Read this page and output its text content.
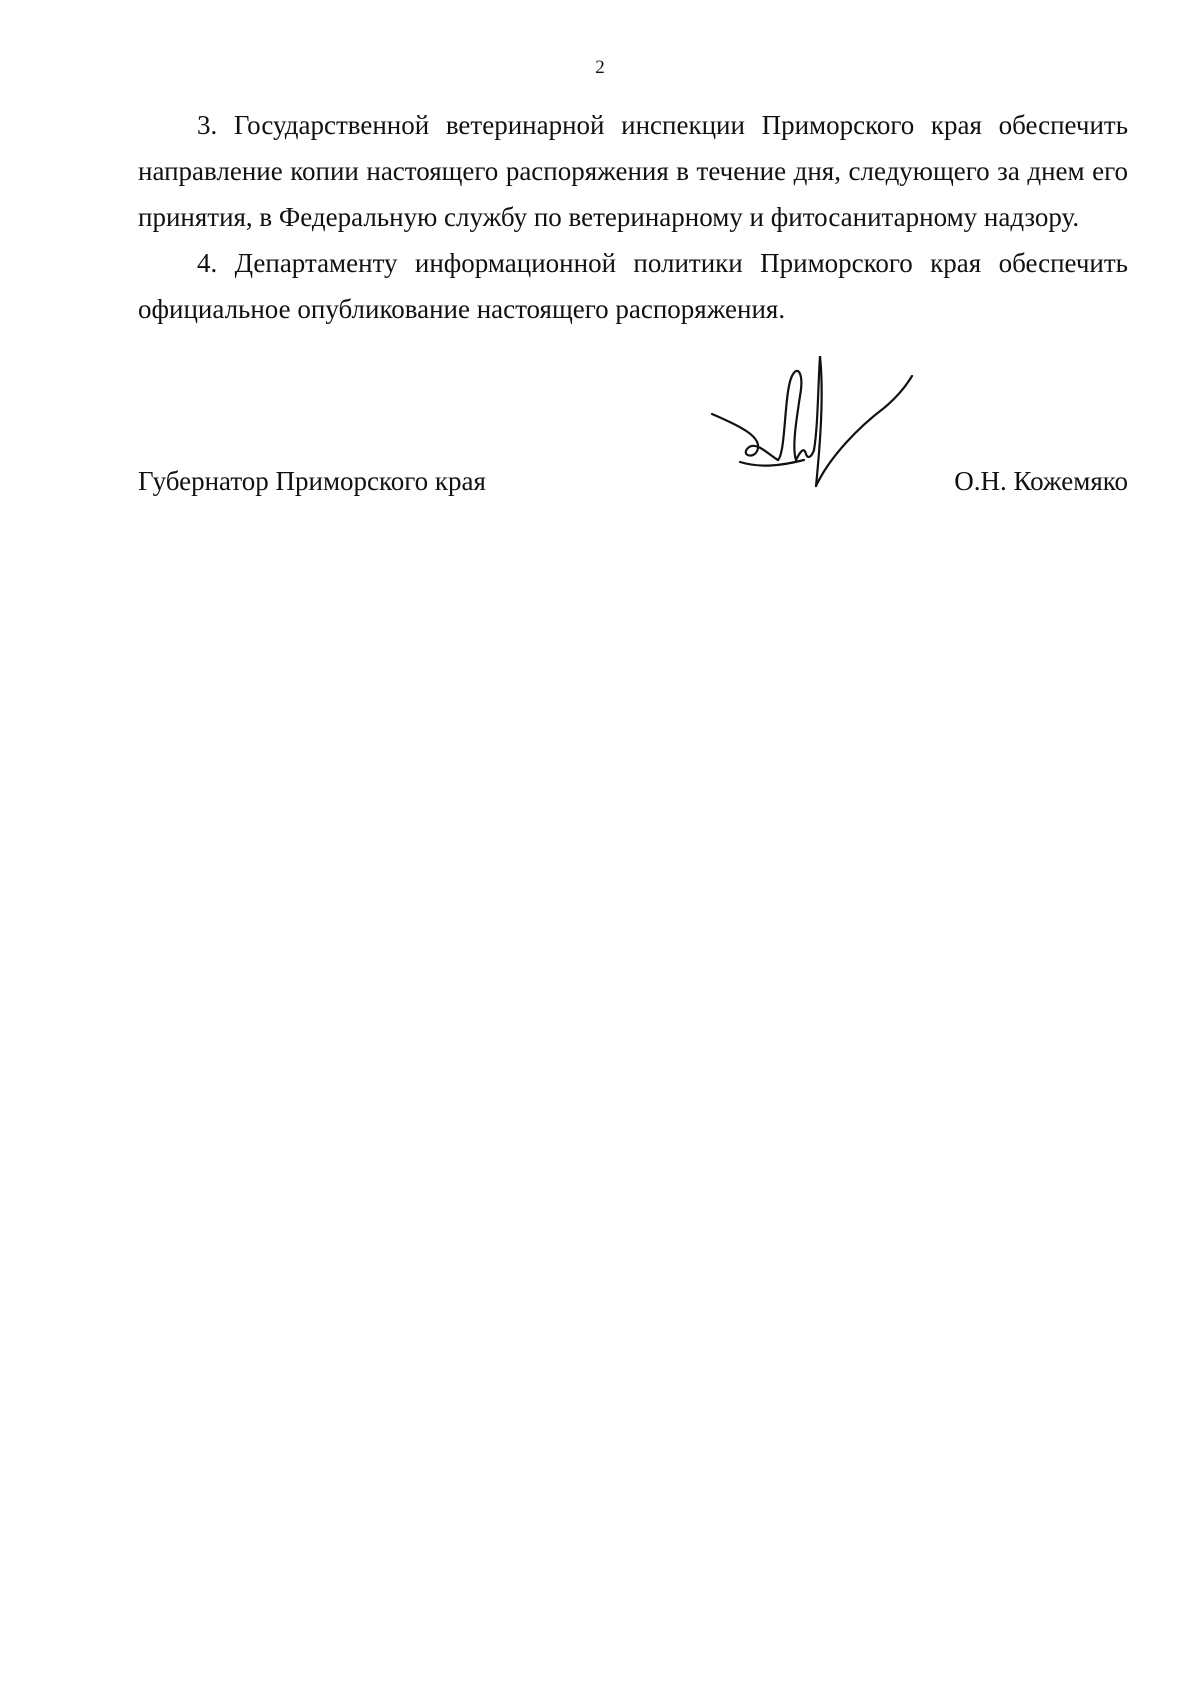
2

3. Государственной ветеринарной инспекции Приморского края обеспечить направление копии настоящего распоряжения в течение дня, следующего за днем его принятия, в Федеральную службу по ветеринарному и фитосанитарному надзору.

4. Департаменту информационной политики Приморского края обеспечить официальное опубликование настоящего распоряжения.

Губернатор Приморского края	О.Н. Кожемяко
